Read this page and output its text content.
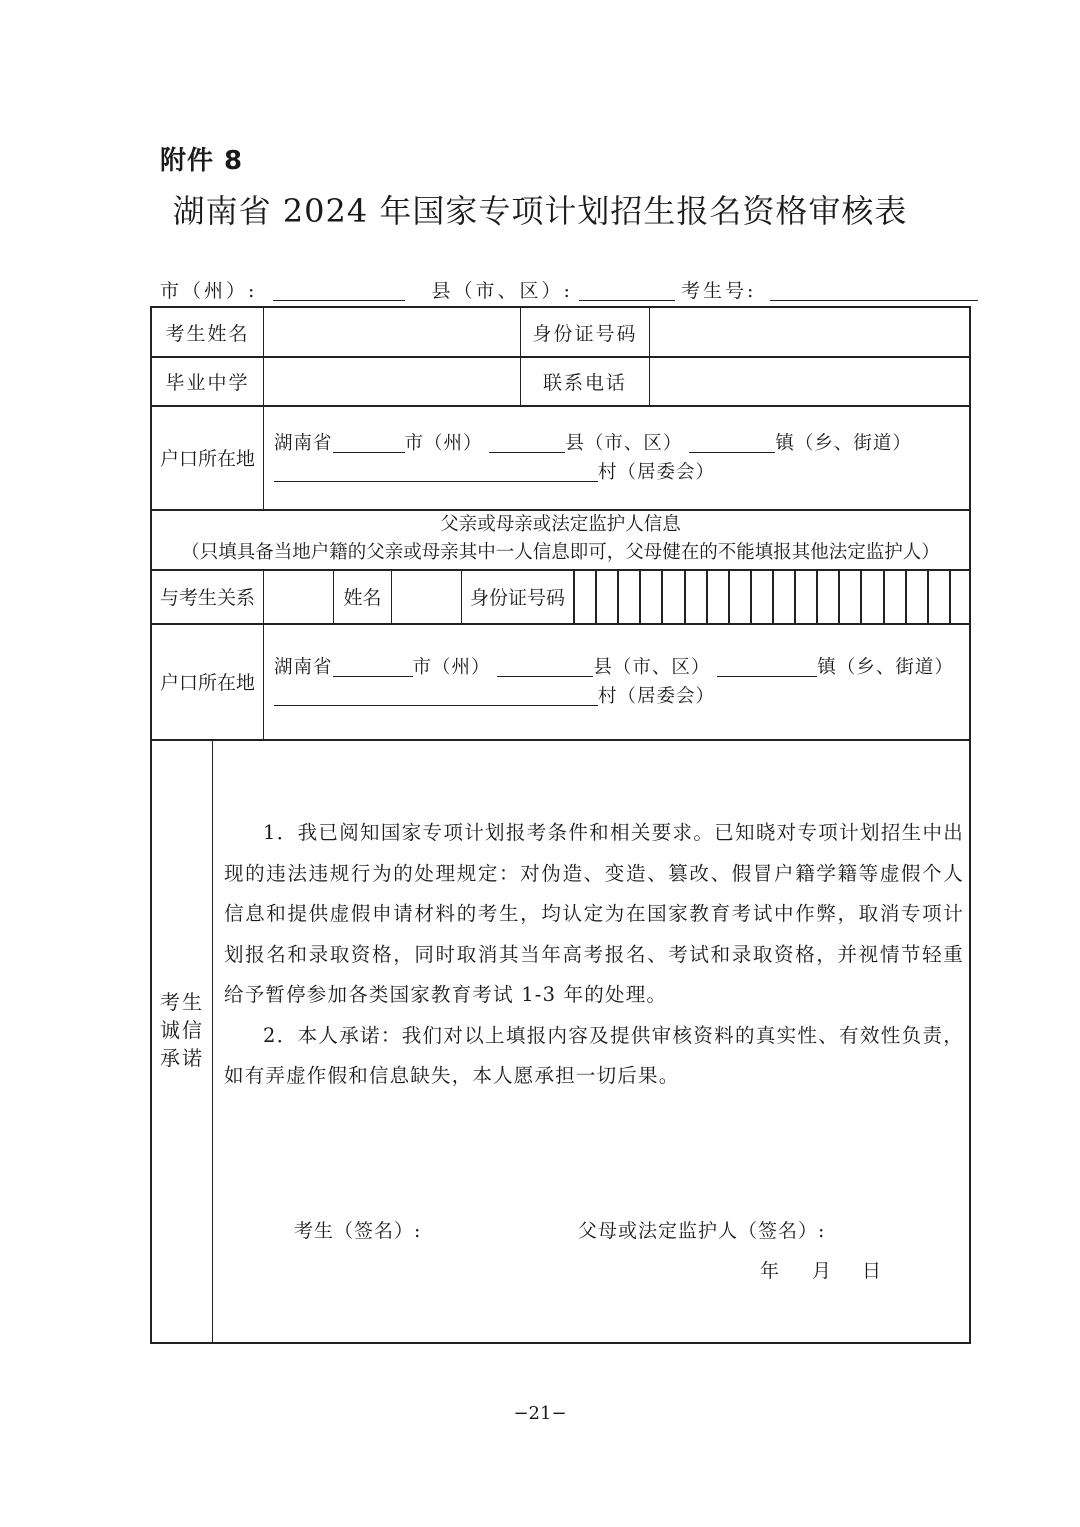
附件 8
湖南省 2024 年国家专项计划招生报名资格审核表
市（州）:	县（市、区）:	考生号:
考生姓名	身份证号码
毕业中学	联系电话
户口所在地
湖南省	市（州）	县（市、区）	镇（乡、街道）
村（居委会）
父亲或母亲或法定监护人信息
（只填具备当地户籍的父亲或母亲其中一人信息即可，父母健在的不能填报其他法定监护人）
与考生关系	姓名	身份证号码
户口所在地
湖南省	市（州）	县（市、区）	镇（乡、街道）
村（居委会）
考生
诚信
承诺

1．我已阅知国家专项计划报考条件和相关要求。已知晓对专项计划招生中出现的违法违规行为的处理规定：对伪造、变造、篡改、假冒户籍学籍等虚假个人信息和提供虚假申请材料的考生，均认定为在国家教育考试中作弊，取消专项计划报名和录取资格，同时取消其当年高考报名、考试和录取资格，并视情节轻重给予暂停参加各类国家教育考试 1-3 年的处理。

2．本人承诺：我们对以上填报内容及提供审核资料的真实性、有效性负责，如有弄虚作假和信息缺失，本人愿承担一切后果。

考生（签名）:	父母或法定监护人（签名）:
年 月 日
−21−
